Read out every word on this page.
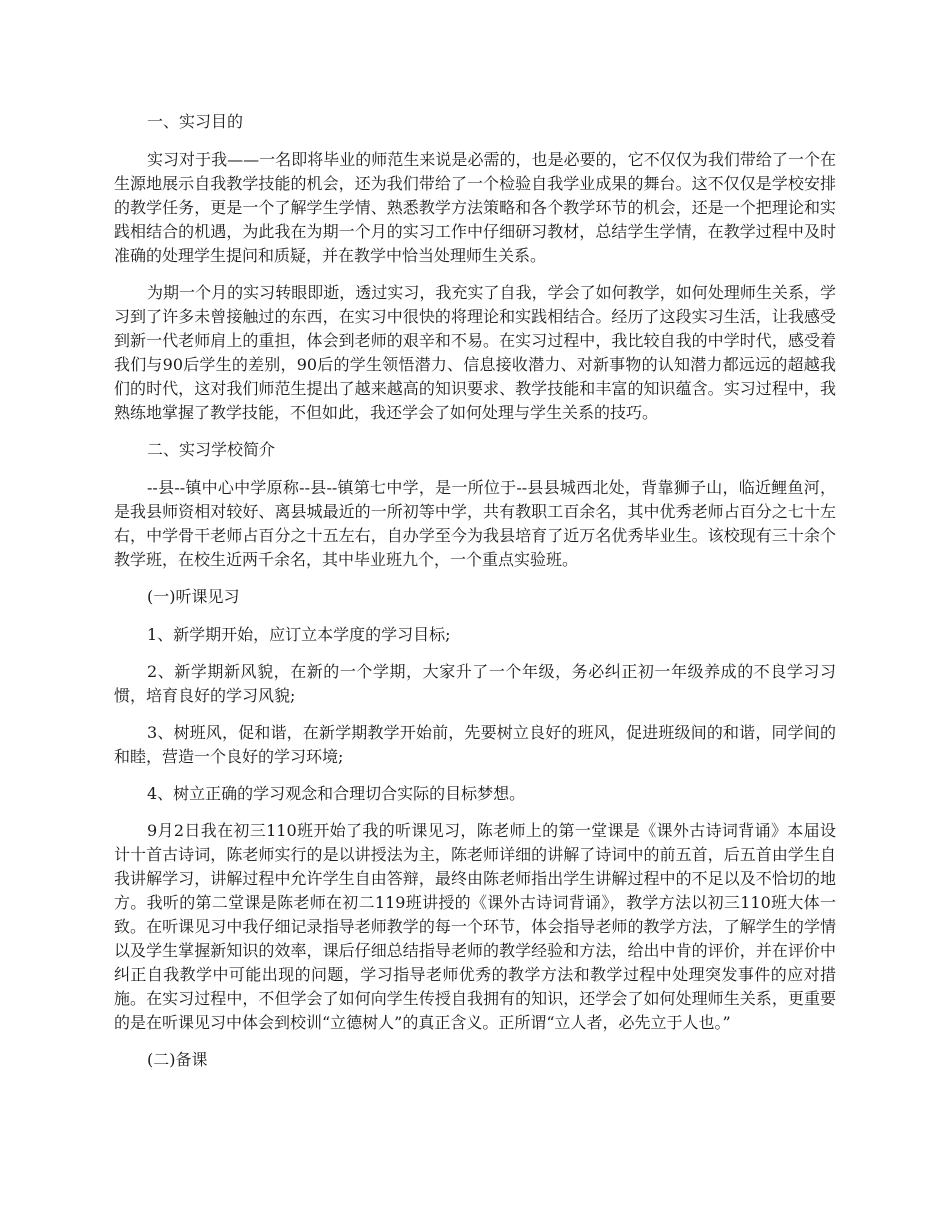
一、实习目的

实习对于我——一名即将毕业的师范生来说是必需的，也是必要的，它不仅仅为我们带给了一个在生源地展示自我教学技能的机会，还为我们带给了一个检验自我学业成果的舞台。这不仅仅是学校安排的教学任务，更是一个了解学生学情、熟悉教学方法策略和各个教学环节的机会，还是一个把理论和实践相结合的机遇，为此我在为期一个月的实习工作中仔细研习教材，总结学生学情，在教学过程中及时准确的处理学生提问和质疑，并在教学中恰当处理师生关系。

为期一个月的实习转眼即逝，透过实习，我充实了自我，学会了如何教学，如何处理师生关系，学习到了许多未曾接触过的东西，在实习中很快的将理论和实践相结合。经历了这段实习生活，让我感受到新一代老师肩上的重担，体会到老师的艰辛和不易。在实习过程中，我比较自我的中学时代，感受着我们与90后学生的差别，90后的学生领悟潜力、信息接收潜力、对新事物的认知潜力都远远的超越我们的时代，这对我们师范生提出了越来越高的知识要求、教学技能和丰富的知识蕴含。实习过程中，我熟练地掌握了教学技能，不但如此，我还学会了如何处理与学生关系的技巧。

二、实习学校简介

--县--镇中心中学原称--县--镇第七中学，是一所位于--县县城西北处，背靠狮子山，临近鲤鱼河，是我县师资相对较好、离县城最近的一所初等中学，共有教职工百余名，其中优秀老师占百分之七十左右，中学骨干老师占百分之十五左右，自办学至今为我县培育了近万名优秀毕业生。该校现有三十余个教学班，在校生近两千余名，其中毕业班九个，一个重点实验班。

(一)听课见习

1、新学期开始，应订立本学度的学习目标;

2、新学期新风貌，在新的一个学期，大家升了一个年级，务必纠正初一年级养成的不良学习习惯，培育良好的学习风貌;

3、树班风，促和谐，在新学期教学开始前，先要树立良好的班风，促进班级间的和谐，同学间的和睦，营造一个良好的学习环境;

4、树立正确的学习观念和合理切合实际的目标梦想。

9月2日我在初三110班开始了我的听课见习，陈老师上的第一堂课是《课外古诗词背诵》本届设计十首古诗词，陈老师实行的是以讲授法为主，陈老师详细的讲解了诗词中的前五首，后五首由学生自我讲解学习，讲解过程中允许学生自由答辩，最终由陈老师指出学生讲解过程中的不足以及不恰切的地方。我听的第二堂课是陈老师在初二119班讲授的《课外古诗词背诵》，教学方法以初三110班大体一致。在听课见习中我仔细记录指导老师教学的每一个环节，体会指导老师的教学方法，了解学生的学情以及学生掌握新知识的效率，课后仔细总结指导老师的教学经验和方法，给出中肯的评价，并在评价中纠正自我教学中可能出现的问题，学习指导老师优秀的教学方法和教学过程中处理突发事件的应对措施。在实习过程中，不但学会了如何向学生传授自我拥有的知识，还学会了如何处理师生关系，更重要的是在听课见习中体会到校训“立德树人”的真正含义。正所谓“立人者，必先立于人也。”

(二)备课
